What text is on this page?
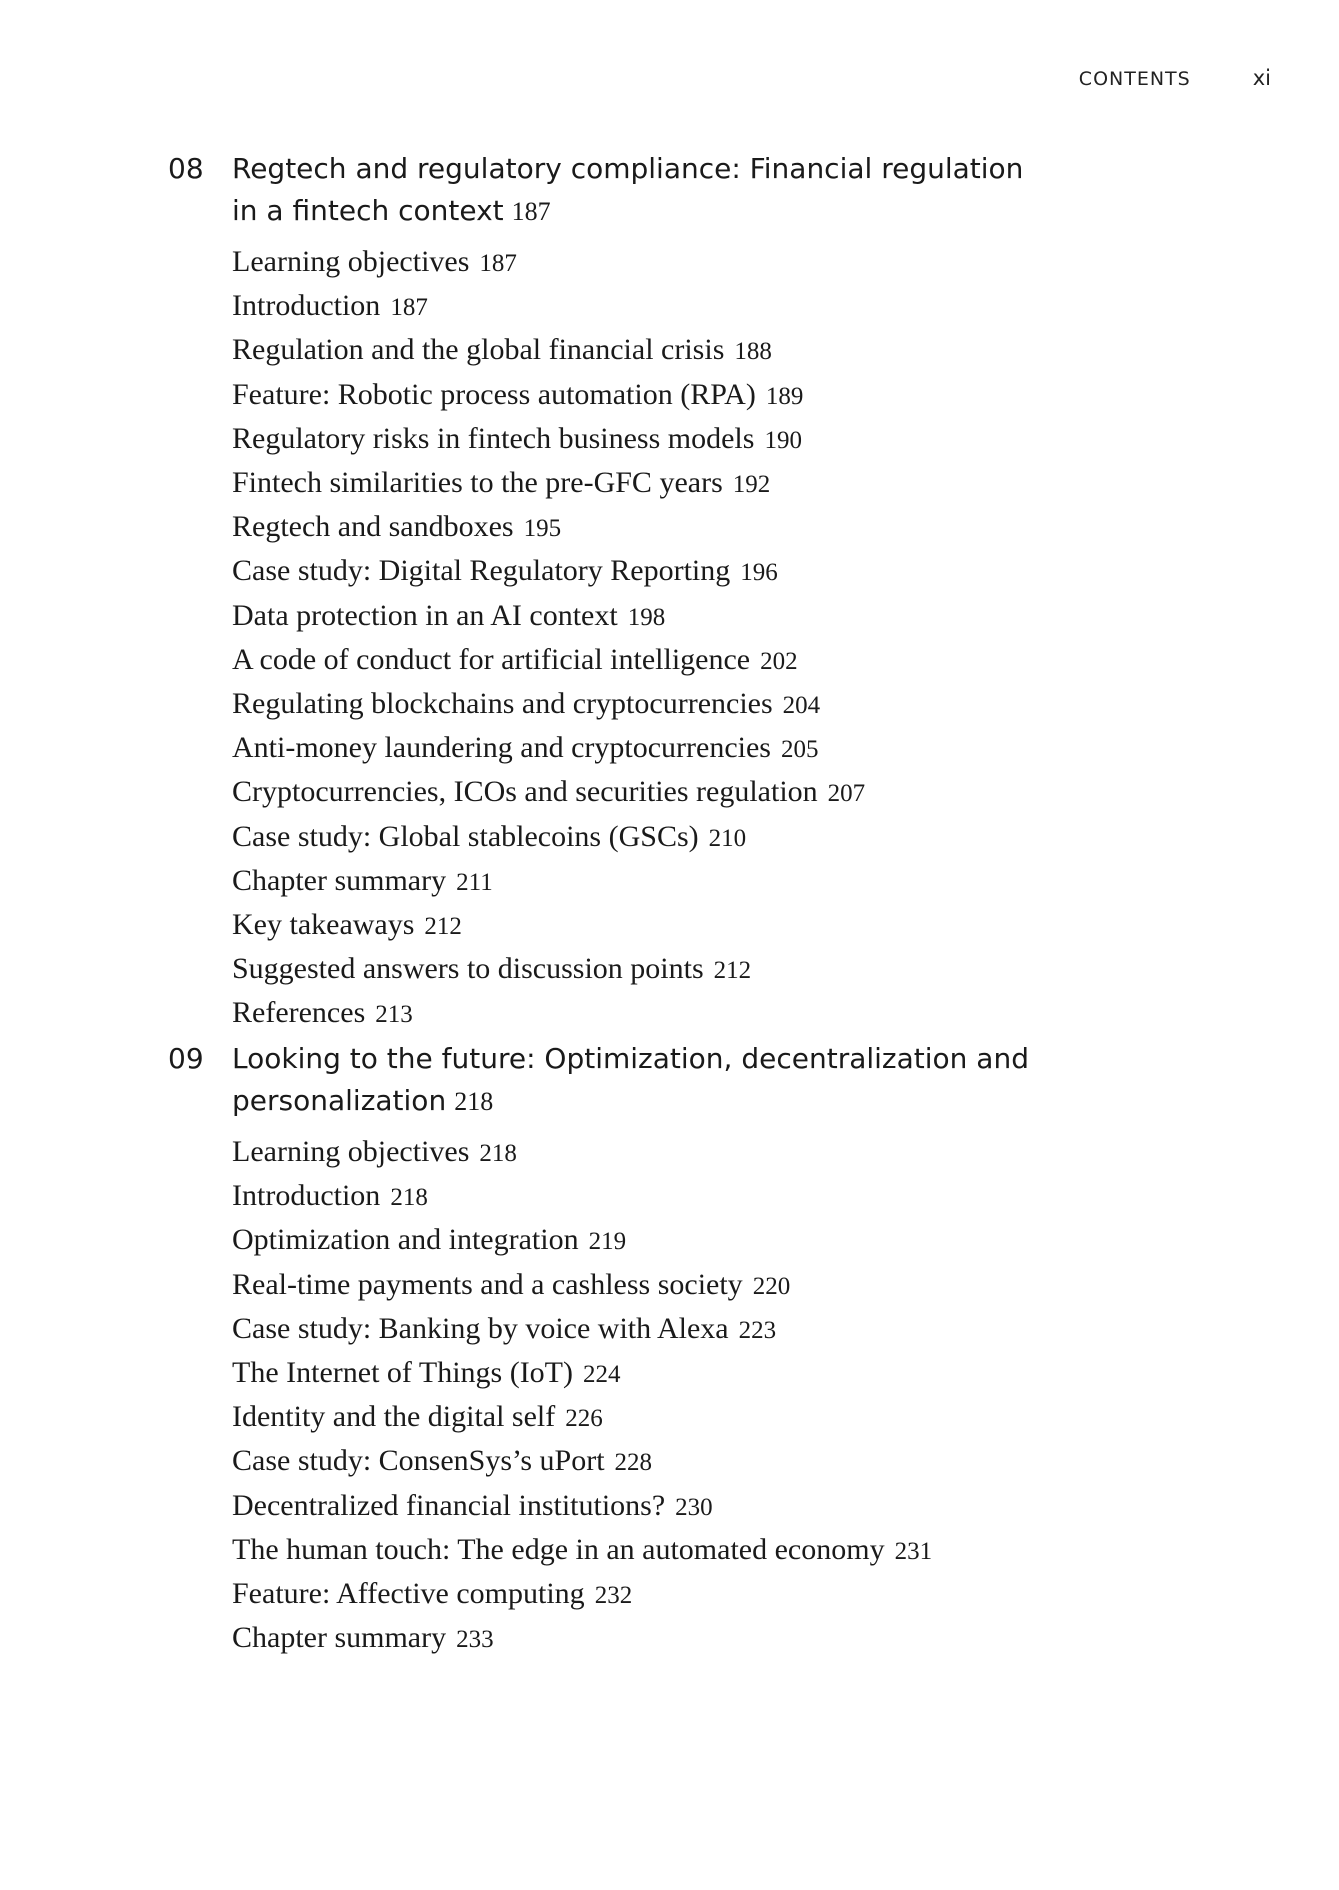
CONTENTS	xi
08	Regtech and regulatory compliance: Financial regulation in a fintech context 187
Learning objectives 187
Introduction 187
Regulation and the global financial crisis 188
Feature: Robotic process automation (RPA) 189
Regulatory risks in fintech business models 190
Fintech similarities to the pre-GFC years 192
Regtech and sandboxes 195
Case study: Digital Regulatory Reporting 196
Data protection in an AI context 198
A code of conduct for artificial intelligence 202
Regulating blockchains and cryptocurrencies 204
Anti-money laundering and cryptocurrencies 205
Cryptocurrencies, ICOs and securities regulation 207
Case study: Global stablecoins (GSCs) 210
Chapter summary 211
Key takeaways 212
Suggested answers to discussion points 212
References 213
09	Looking to the future: Optimization, decentralization and personalization 218
Learning objectives 218
Introduction 218
Optimization and integration 219
Real-time payments and a cashless society 220
Case study: Banking by voice with Alexa 223
The Internet of Things (IoT) 224
Identity and the digital self 226
Case study: ConsenSys’s uPort 228
Decentralized financial institutions? 230
The human touch: The edge in an automated economy 231
Feature: Affective computing 232
Chapter summary 233
